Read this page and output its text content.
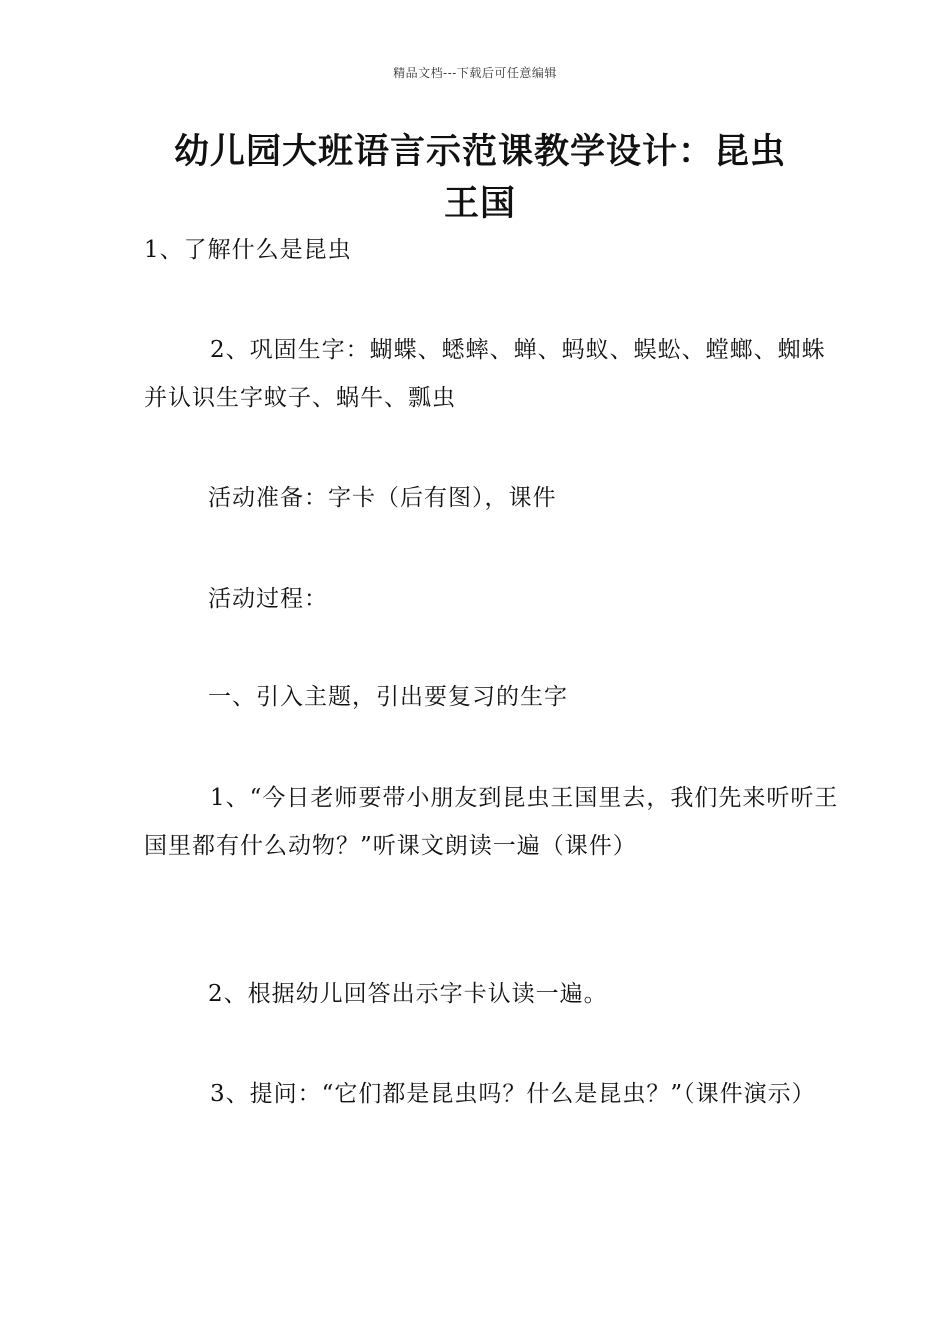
精品文档---下载后可任意编辑
幼儿园大班语言示范课教学设计：昆虫
王国

1、了解什么是昆虫

2、巩固生字：蝴蝶、蟋蟀、蝉、蚂蚁、蜈蚣、螳螂、蜘蛛并认识生字蚊子、蜗牛、瓢虫

活动准备：字卡（后有图），课件

活动过程：

一、引入主题，引出要复习的生字

1、“今日老师要带小朋友到昆虫王国里去，我们先来听听王国里都有什么动物？”听课文朗读一遍（课件）

2、根据幼儿回答出示字卡认读一遍。

3、提问：“它们都是昆虫吗？什么是昆虫？”（课件演示）
